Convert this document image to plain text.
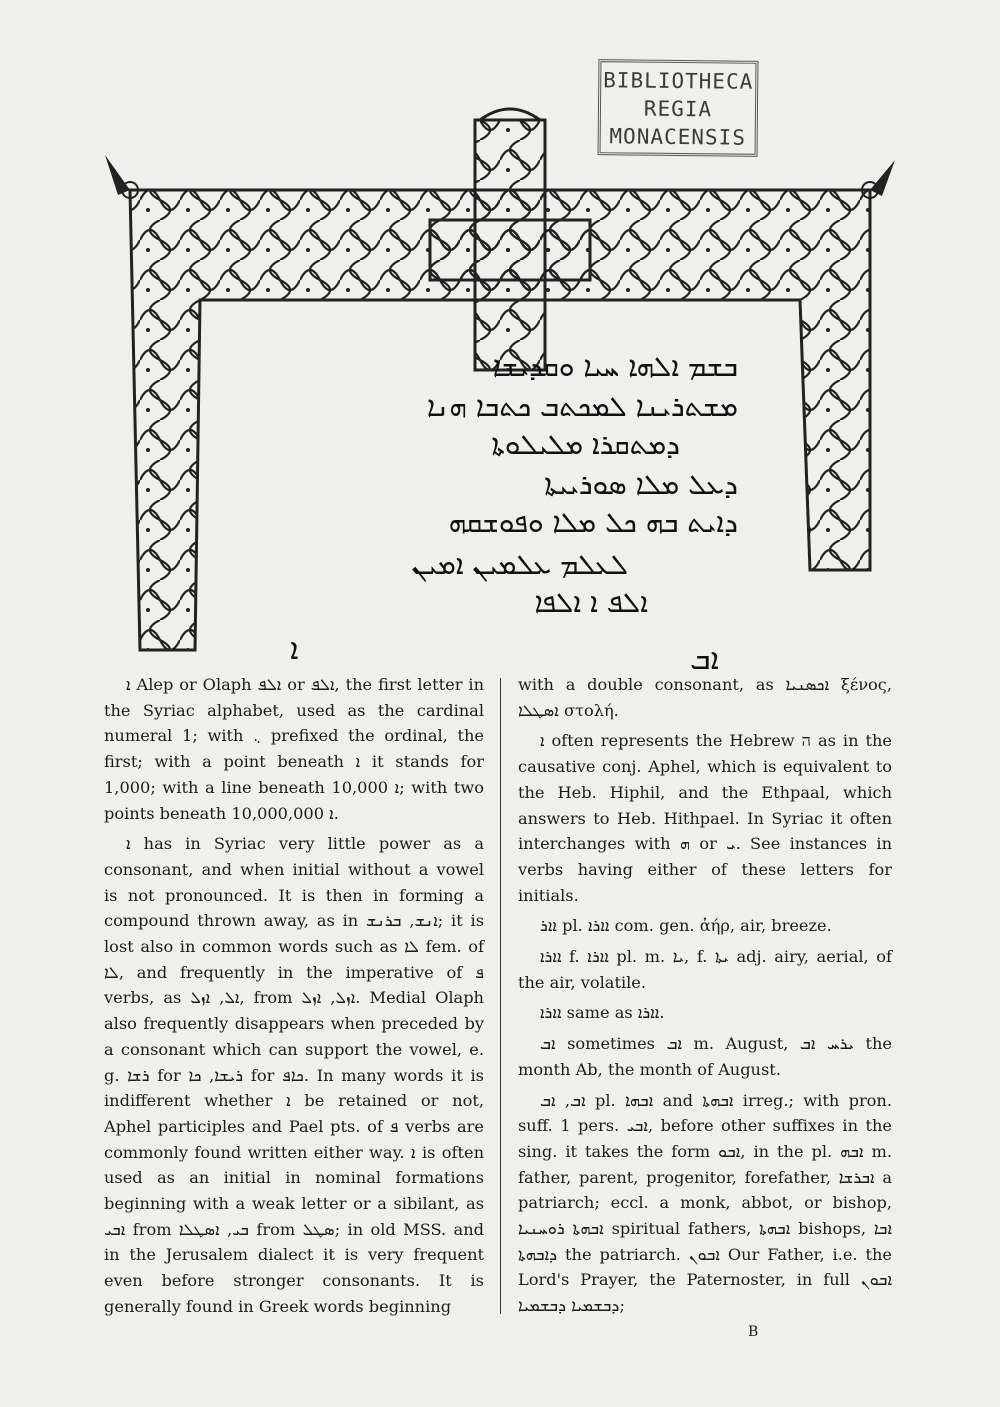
BIBLIOTHECA
REGIA
MONACENSIS
ܒܫܡ ܐܠܗܐ ܚܝܐ ܘܩܕܝܫܐ
ܡܫܬܪܝܢܐ ܠܡܟܬܒ ܟܬܒܐ ܗܢܐ
ܕܡܬܩܪܐ ܡܠܝܠܘܬܐ
ܕܥܠ ܡܠܐ ܣܘܪܝܝܬܐ
ܕܐܝܬ ܒܗ ܟܠ ܡܠܐ ܘܦܘܫܩܗ
ܠܥܠܡ ܥܠܡܝܢ ܐܡܝܢ
ܐܠܦ ܐ ܐܠܦܐ
ܐ	ܐܒ

ܐ Alep or Olaph ܐܠܦ or ܐܠܦ, the first letter in the Syriac alphabet, used as the cardinal numeral 1; with ܆ prefixed the ordinal, the first; with a point beneath ܐ it stands for 1,000; with a line beneath ܐ 10,000; with two points beneath ܐ 10,000,000.

ܐ has in Syriac very little power as a consonant, and when initial without a vowel is not pronounced. It is then in forming a compound thrown away, as in ܐܢܫ, ܒܪܢܫ; it is lost also in common words such as ܠܐ fem. of ܠܐ, and frequently in the imperative of ܦ verbs, as ܐܠ, ܐܙܠ, from ܐܙܠ, ܐܙܠ. Medial Olaph also frequently disappears when preceded by a consonant which can support the vowel, e. g. ܪܫܐ for ܪܝܫܐ, ܟܐ for ܟܐܦ. In many words it is indifferent whether ܐ be retained or not, Aphel participles and Pael pts. of ܦ verbs are commonly found written either way. ܐ is often used as an initial in nominal formations beginning with a weak letter or a sibilant, as ܐܒܝ from ܒܝ, ܐܣܛܠܐ from ܣܛܠ; in old MSS. and in the Jerusalem dialect it is very frequent even before stronger consonants. It is generally found in Greek words beginning

with a double consonant, as ܐܟܣܢܝܐ ξένος, ܐܣܛܠܐ στολή.

ܐ often represents the Hebrew ה as in the causative conj. Aphel, which is equivalent to the Heb. Hiphil, and the Ethpaal, which answers to Heb. Hithpael. In Syriac it often interchanges with ܗ or ܝ. See instances in verbs having either of these letters for initials.

ܐܐܪ pl. ܐܐܪܐ com. gen. ἀήρ, air, breeze.

ܐܐܪܐ f. ܐܐܪܐ pl. m. ܝܐ, f. ܝܬܐ adj. airy, aerial, of the air, volatile.

ܐܐܪܐ same as ܐܐܪܐ.

ܐܒ sometimes ܐܒ m. August, ܝܪܚ ܐܒ the month Ab, the month of August.

ܐܒ, ܐܒ pl. ܐܒܗܐ and ܐܒܗܬܐ irreg.; with pron. suff. 1 pers. ܐܒܝ, before other suffixes in the sing. it takes the form ܐܒܘ, in the pl. ܐܒܗ m. father, parent, progenitor, forefather, ܐܒܪܫܐ a patriarch; eccl. a monk, abbot, or bishop, ܐܒܗܬܐ ܪܘܚܢܝܐ spiritual fathers, ܐܒܗܬܐ bishops, ܐܒܐ ܕܐܒܗܬܐ the patriarch. ܐܒܘܢ Our Father, i.e. the Lord's Prayer, the Paternoster, in full ܐܒܘܢ ܕܒܫܡܝܐ ܕܒܫܡܝܐ;

B
